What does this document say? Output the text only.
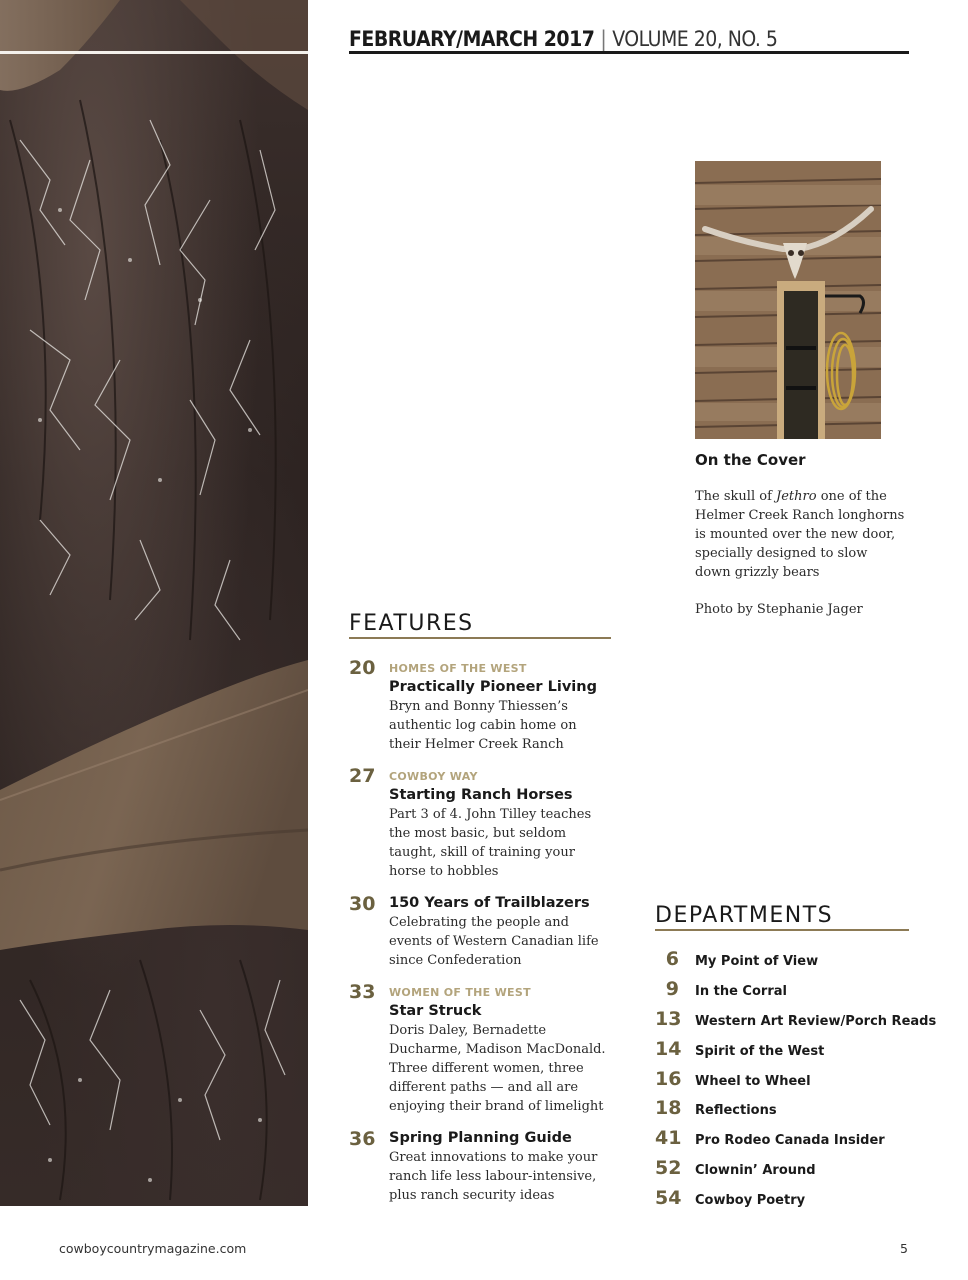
FEBRUARY/MARCH 2017 | VOLUME 20, NO. 5
On the Cover
The skull of Jethro one of the Helmer Creek Ranch longhorns is mounted over the new door, specially designed to slow down grizzly bears
Photo by Stephanie Jager
FEATURES
20 HOMES OF THE WEST
Practically Pioneer Living
Bryn and Bonny Thiessen’s authentic log cabin home on their Helmer Creek Ranch
27 COWBOY WAY
Starting Ranch Horses
Part 3 of 4. John Tilley teaches the most basic, but seldom taught, skill of training your horse to hobbles
30 150 Years of Trailblazers
Celebrating the people and events of Western Canadian life since Confederation
33 WOMEN OF THE WEST
Star Struck
Doris Daley, Bernadette Ducharme, Madison MacDonald. Three different women, three different paths — and all are enjoying their brand of limelight
36 Spring Planning Guide
Great innovations to make your ranch life less labour-intensive, plus ranch security ideas
DEPARTMENTS
6 My Point of View
9 In the Corral
13 Western Art Review/Porch Reads
14 Spirit of the West
16 Wheel to Wheel
18 Reflections
41 Pro Rodeo Canada Insider
52 Clownin’ Around
54 Cowboy Poetry
cowboycountrymagazine.com	5
